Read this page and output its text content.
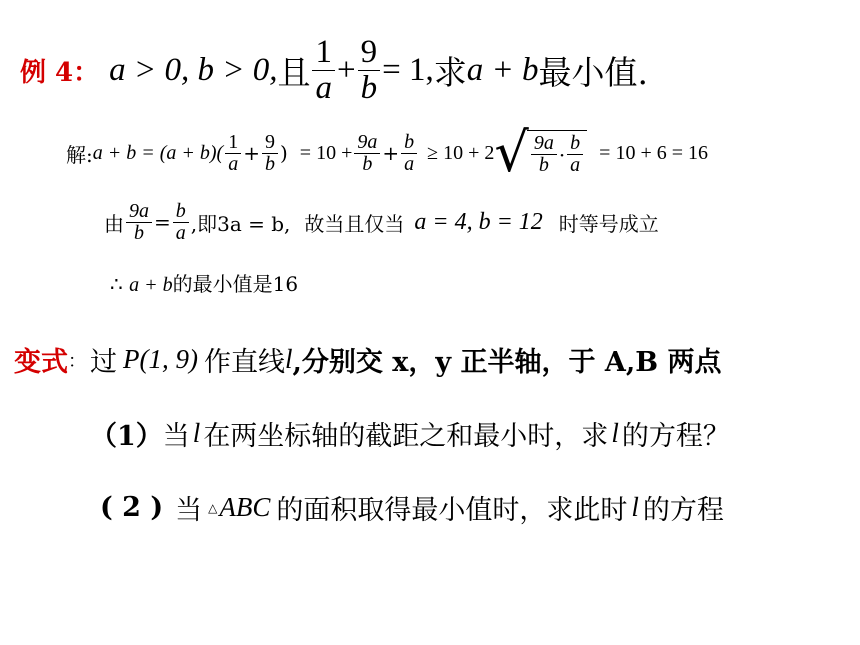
例 4 ： a > 0, b > 0, 且 $\frac{1}{a} + \frac{9}{b} = 1$, 求 a + b 最小值.
解: $a + b = (a + b)( \frac{1}{a} + \frac{9}{b}$ ) = $10 + \frac{9a}{b} + \frac{b}{a} \ge 10 + 2$ √ $\frac{9a}{b} \cdot \frac{b}{a} = 10 + 6 = 16$
由 $\frac{9a}{b} = \frac{b}{a}$ ,即3a = b, 故当且仅当 a = 4, b = 12 时等号成立
∴ a + b的最小值是16
变式 ： 过 P(1, 9) 作直线 l ,分别交 x，y 正半轴，于 A,B 两点
（1） 当 l 在两坐标轴的截距之和最小时，求 l 的方程？
( 2 ) 当 △ ABC 的面积取得最小值时，求此时 l 的方程
